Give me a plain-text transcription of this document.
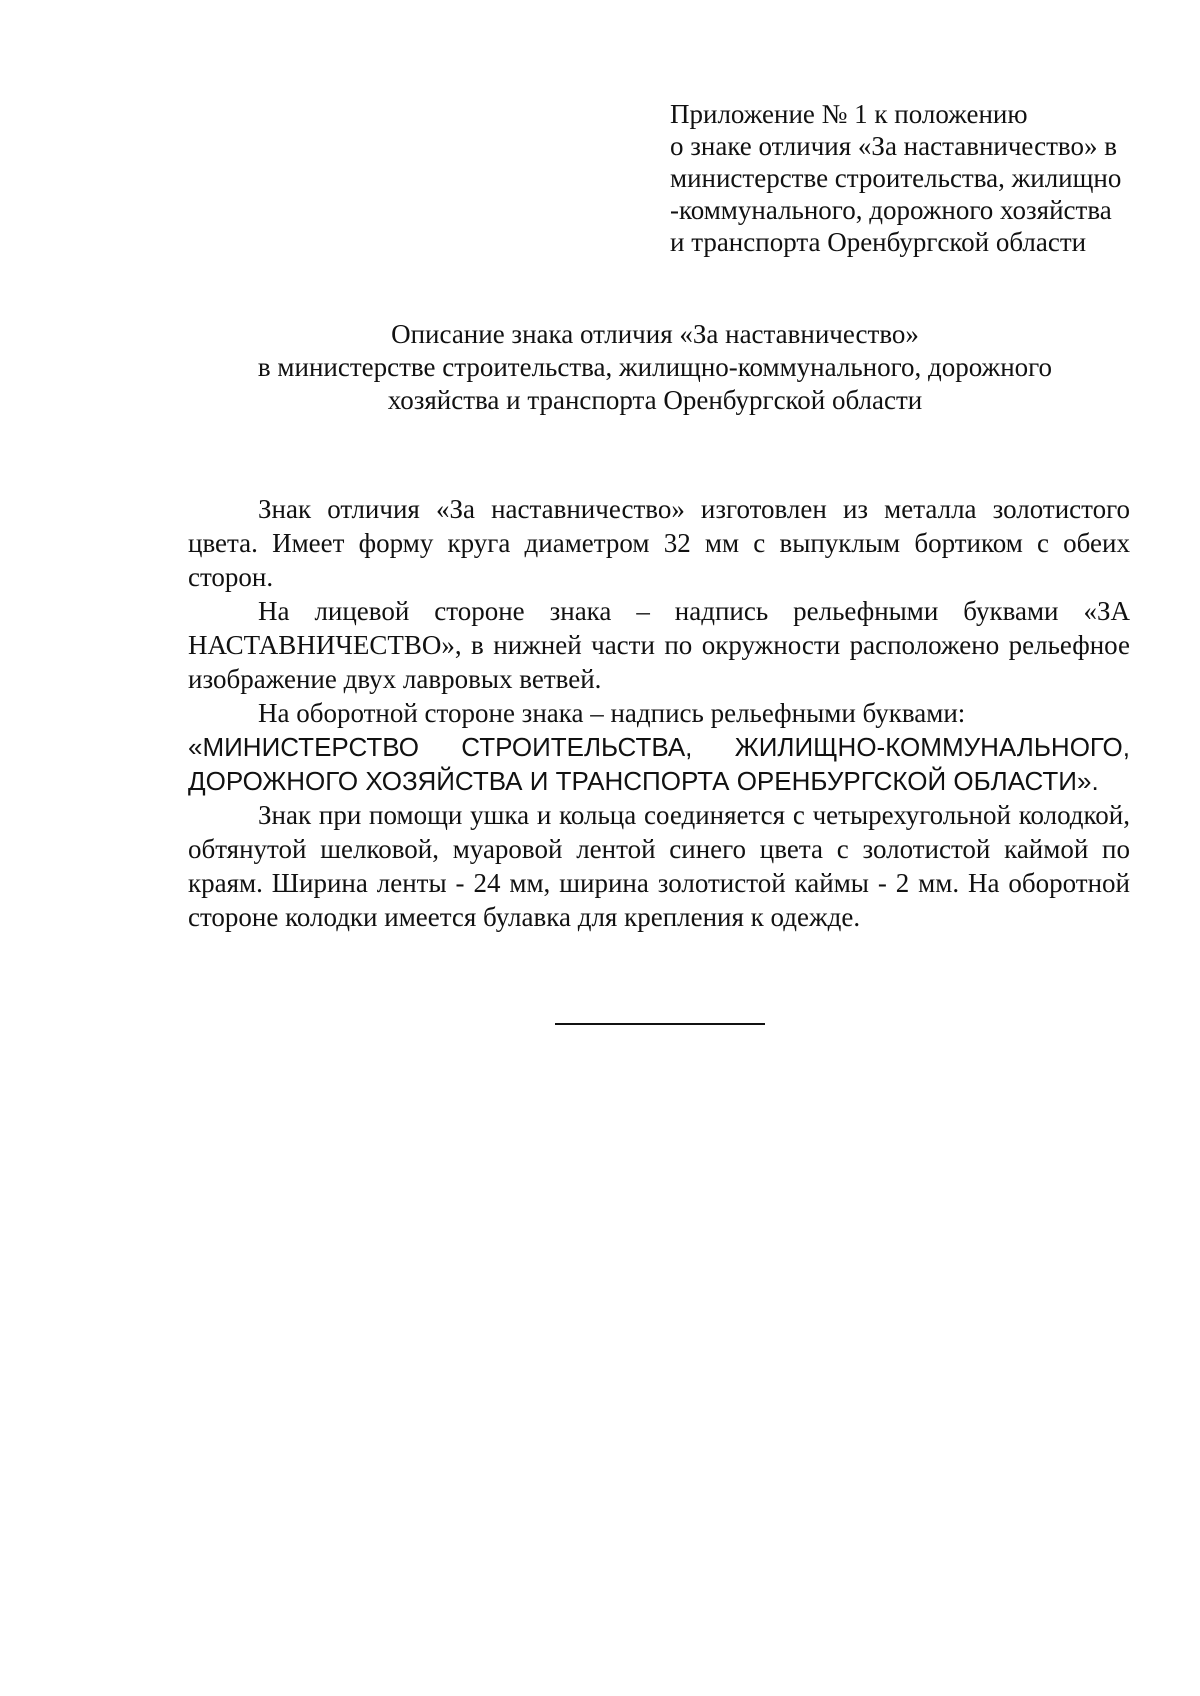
Приложение № 1 к положению
о знаке отличия «За наставничество» в
министерстве строительства, жилищно
-коммунального, дорожного хозяйства
и транспорта Оренбургской области
Описание знака отличия «За наставничество»
в министерстве строительства, жилищно-коммунального, дорожного
хозяйства и транспорта Оренбургской области

Знак отличия «За наставничество» изготовлен из металла золотистого цвета. Имеет форму круга диаметром 32 мм с выпуклым бортиком с обеих сторон.

На лицевой стороне знака – надпись рельефными буквами «ЗА НАСТАВНИЧЕСТВО», в нижней части по окружности расположено рельефное изображение двух лавровых ветвей.

На оборотной стороне знака – надпись рельефными буквами:

«МИНИСТЕРСТВО СТРОИТЕЛЬСТВА, ЖИЛИЩНО-КОММУНАЛЬНОГО, ДОРОЖНОГО ХОЗЯЙСТВА И ТРАНСПОРТА ОРЕНБУРГСКОЙ ОБЛАСТИ».

Знак при помощи ушка и кольца соединяется с четырехугольной колодкой, обтянутой шелковой, муаровой лентой синего цвета с золотистой каймой по краям. Ширина ленты - 24 мм, ширина золотистой каймы - 2 мм. На оборотной стороне колодки имеется булавка для крепления к одежде.
